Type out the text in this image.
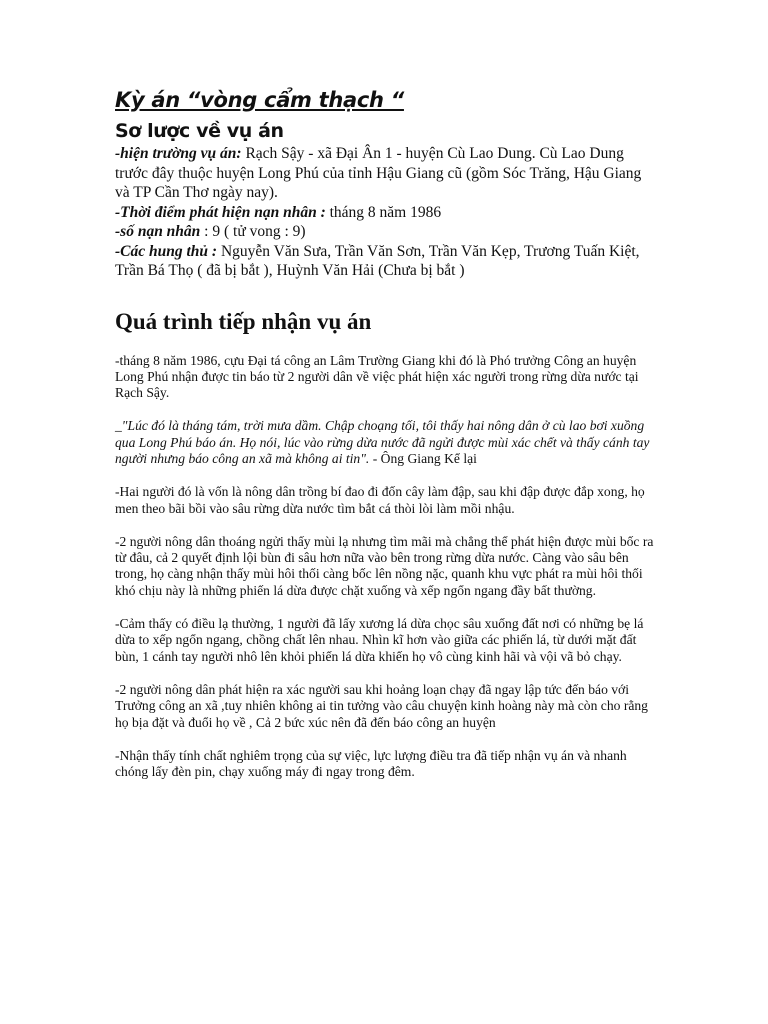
Kỳ án “vòng cẩm thạch “
Sơ lược về vụ án

-hiện trường vụ án: Rạch Sậy - xã Đại Ân 1 - huyện Cù Lao Dung. Cù Lao Dung trước đây thuộc huyện Long Phú của tỉnh Hậu Giang cũ (gồm Sóc Trăng, Hậu Giang và TP Cần Thơ ngày nay).

-Thời điểm phát hiện nạn nhân : tháng 8 năm 1986

-số nạn nhân : 9 ( tử vong : 9)

-Các hung thủ : Nguyễn Văn Sưa, Trần Văn Sơn, Trần Văn Kẹp, Trương Tuấn Kiệt, Trần Bá Thọ ( đã bị bắt ), Huỳnh Văn Hải (Chưa bị bắt )

Quá trình tiếp nhận vụ án

-tháng 8 năm 1986, cựu Đại tá công an Lâm Trường Giang khi đó là Phó trưởng Công an huyện Long Phú nhận được tin báo từ 2 người dân về việc phát hiện xác người trong rừng dừa nước tại Rạch Sậy.

_"Lúc đó là tháng tám, trời mưa dầm. Chập choạng tối, tôi thấy hai nông dân ở cù lao bơi xuồng qua Long Phú báo án. Họ nói, lúc vào rừng dừa nước đã ngửi được mùi xác chết và thấy cánh tay người nhưng báo công an xã mà không ai tin". - Ông Giang Kể lại

-Hai người đó là vốn là nông dân trồng bí đao đi đốn cây làm đập, sau khi đập được đắp xong, họ men theo bãi bồi vào sâu rừng dừa nước tìm bắt cá thòi lòi làm mồi nhậu.

-2 người nông dân thoáng ngửi thấy mùi lạ nhưng tìm mãi mà chẳng thể phát hiện được mùi bốc ra từ đâu, cả 2 quyết định lội bùn đi sâu hơn nữa vào bên trong rừng dừa nước. Càng vào sâu bên trong, họ càng nhận thấy mùi hôi thối càng bốc lên nồng nặc, quanh khu vực phát ra mùi hôi thối khó chịu này là những phiến lá dừa được chặt xuống và xếp ngổn ngang đầy bất thường.

-Cảm thấy có điều lạ thường, 1 người đã lấy xương lá dừa chọc sâu xuống đất nơi có những bẹ lá dừa to xếp ngổn ngang, chồng chất lên nhau. Nhìn kĩ hơn vào giữa các phiến lá, từ dưới mặt đất bùn, 1 cánh tay người nhô lên khỏi phiến lá dừa khiến họ vô cùng kinh hãi và vội vã bỏ chạy.

-2 người nông dân phát hiện ra xác người sau khi hoảng loạn chạy đã ngay lập tức đến báo với Trưởng công an xã ,tuy nhiên không ai tin tưởng vào câu chuyện kinh hoàng này mà còn cho rằng họ bịa đặt và đuổi họ về , Cả 2 bức xúc nên đã đến báo công an huyện

-Nhận thấy tính chất nghiêm trọng của sự việc, lực lượng điều tra đã tiếp nhận vụ án và nhanh chóng lấy đèn pin, chạy xuống máy đi ngay trong đêm.
